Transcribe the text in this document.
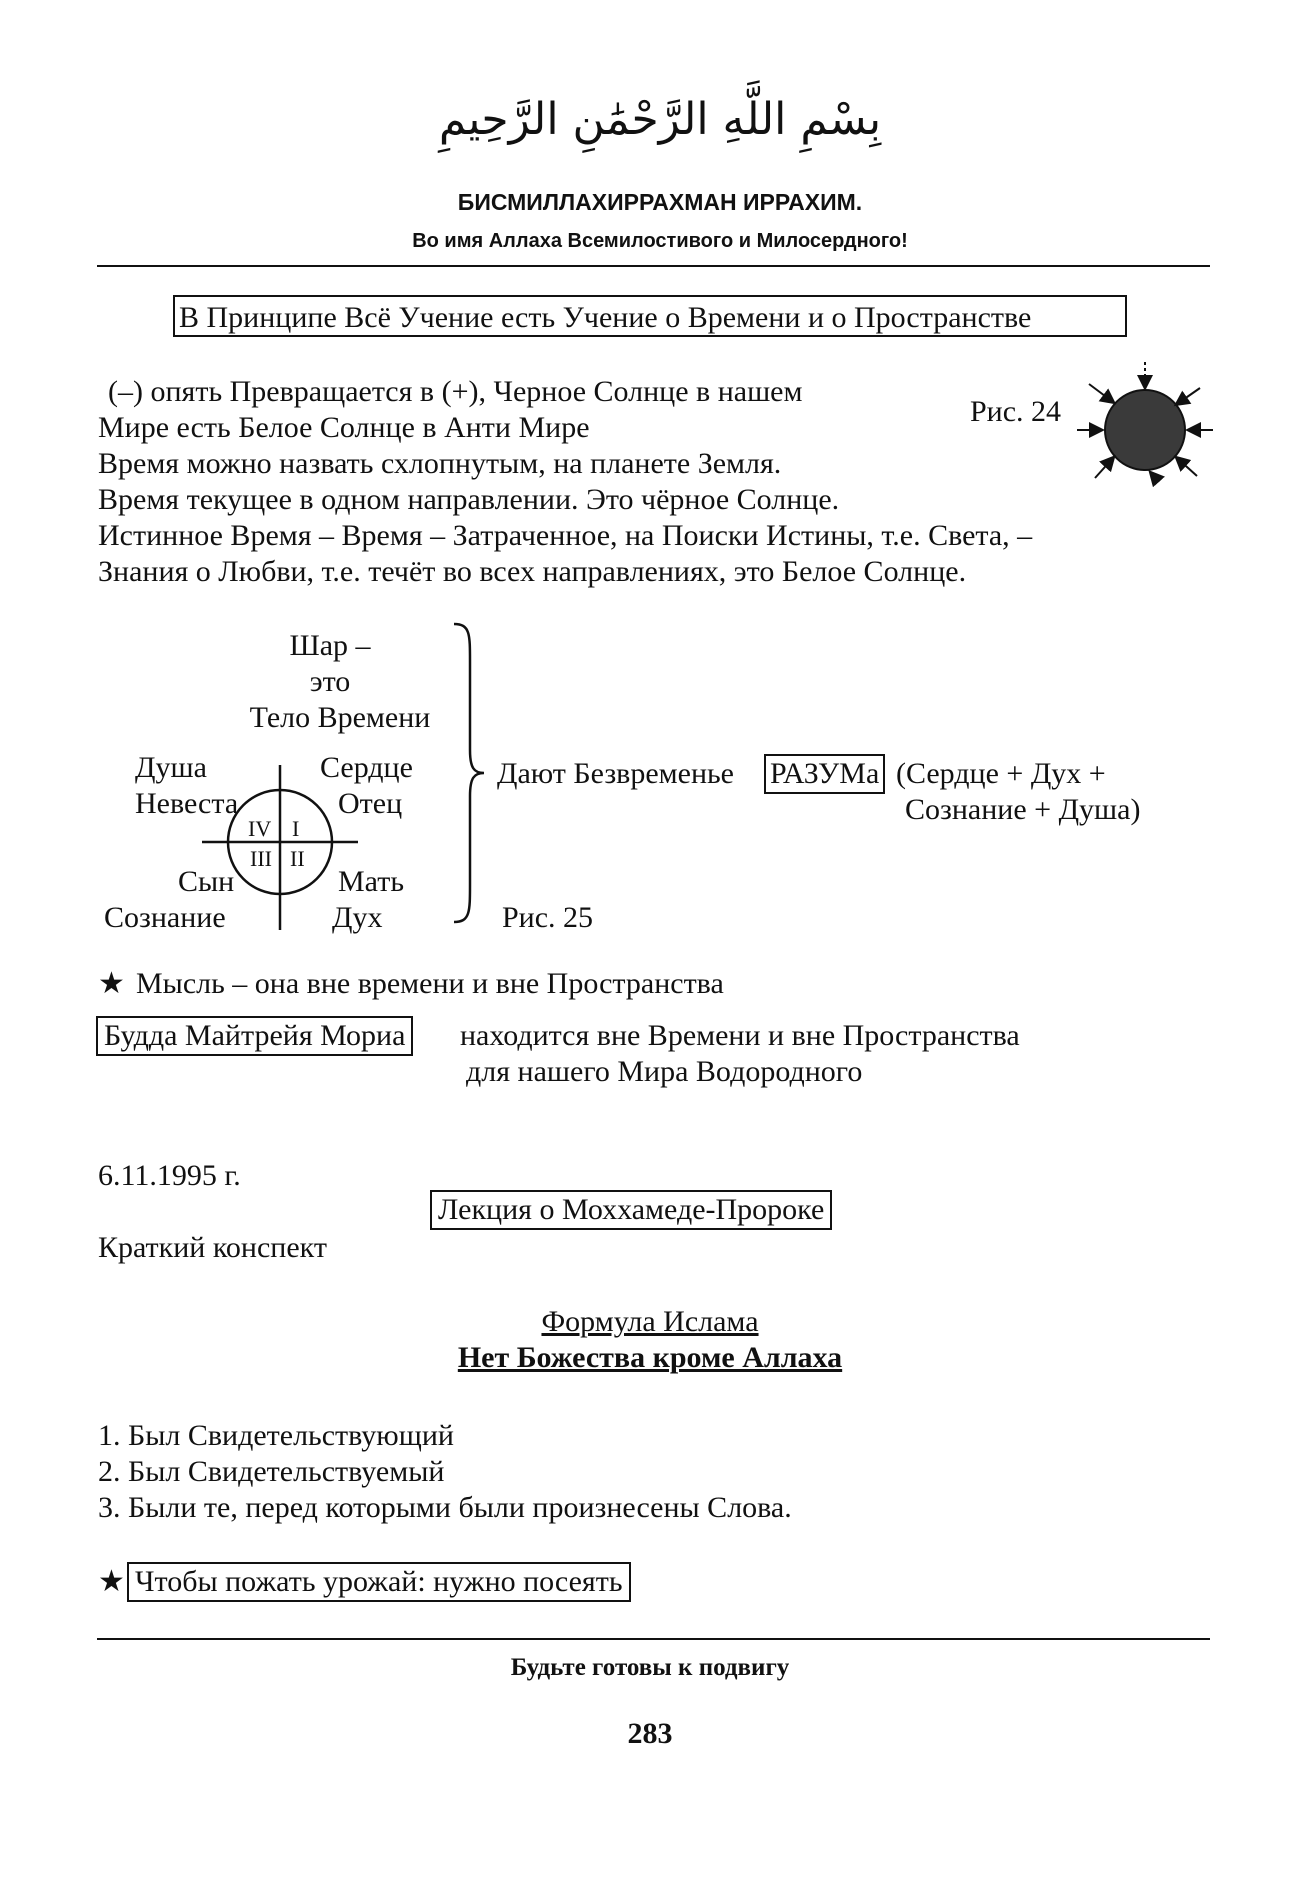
بِسْمِ اللَّهِ الرَّحْمَٰنِ الرَّحِيمِ
БИСМИЛЛАХИРРАХМАН ИРРАХИМ.
Во имя Аллаха Всемилостивого и Милосердного!
В Принципе Всё Учение есть Учение о Времени и о Пространстве
(–) опять Превращается в (+), Черное Солнце в нашем
Мире есть Белое Солнце в Анти Мире
Время можно назвать схлопнутым, на планете Земля.
Время текущее в одном направлении. Это чёрное Солнце.
Истинное Время – Время – Затраченное, на Поиски Истины, т.е. Света, –
Знания о Любви, т.е. течёт во всех направлениях, это Белое Солнце.
Рис. 24
Шар –
это
Тело Времени
Душа
Невеста
Сердце
Отец
Сын
Сознание
Мать
Дух
IV I
III II
Дают Безвременье РАЗУМа (Сердце + Дух +
Сознание + Душа)
Рис. 25
★ Мысль – она вне времени и вне Пространства
Будда Майтрейя Мориа находится вне Времени и вне Пространства
для нашего Мира Водородного
6.11.1995 г.
Лекция о Моххамеде-Пророке
Краткий конспект
Формула Ислама
Нет Божества кроме Аллаха
1. Был Свидетельствующий
2. Был Свидетельствуемый
3. Были те, перед которыми были произнесены Слова.
★ Чтобы пожать урожай: нужно посеять
Будьте готовы к подвигу
283
